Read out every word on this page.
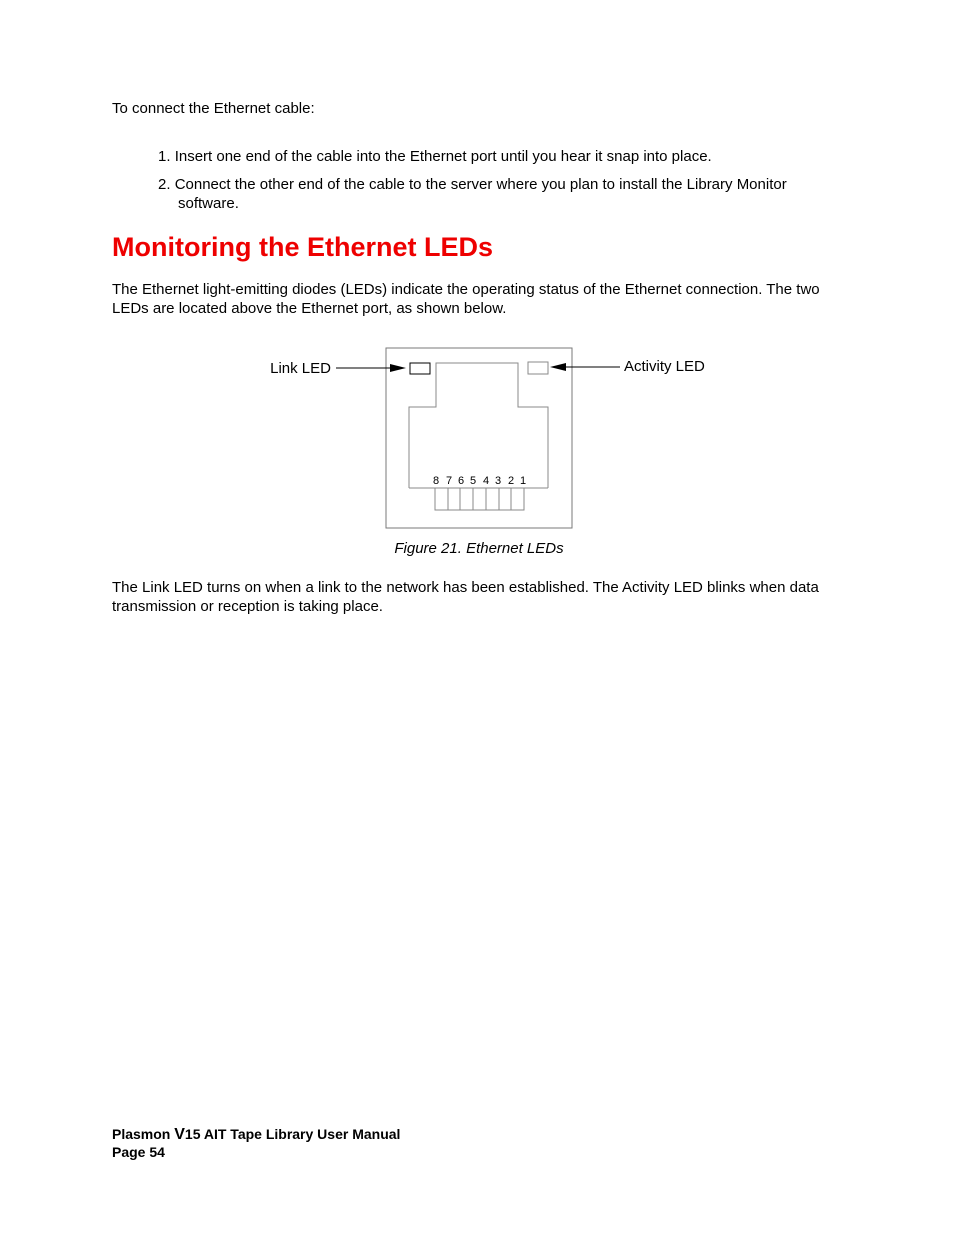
To connect the Ethernet cable:
1. Insert one end of the cable into the Ethernet port until you hear it snap into place.
2. Connect the other end of the cable to the server where you plan to install the Library Monitor
software.
Monitoring the Ethernet LEDs
The Ethernet light-emitting diodes (LEDs) indicate the operating status of the Ethernet connection. The two
LEDs are located above the Ethernet port, as shown below.
8 7 6 5 4 3 2 1
Link LED	Activity LED
Figure 21. Ethernet LEDs
The Link LED turns on when a link to the network has been established. The Activity LED blinks when data
transmission or reception is taking place.
Plasmon V15 AIT Tape Library User Manual
Page 54
